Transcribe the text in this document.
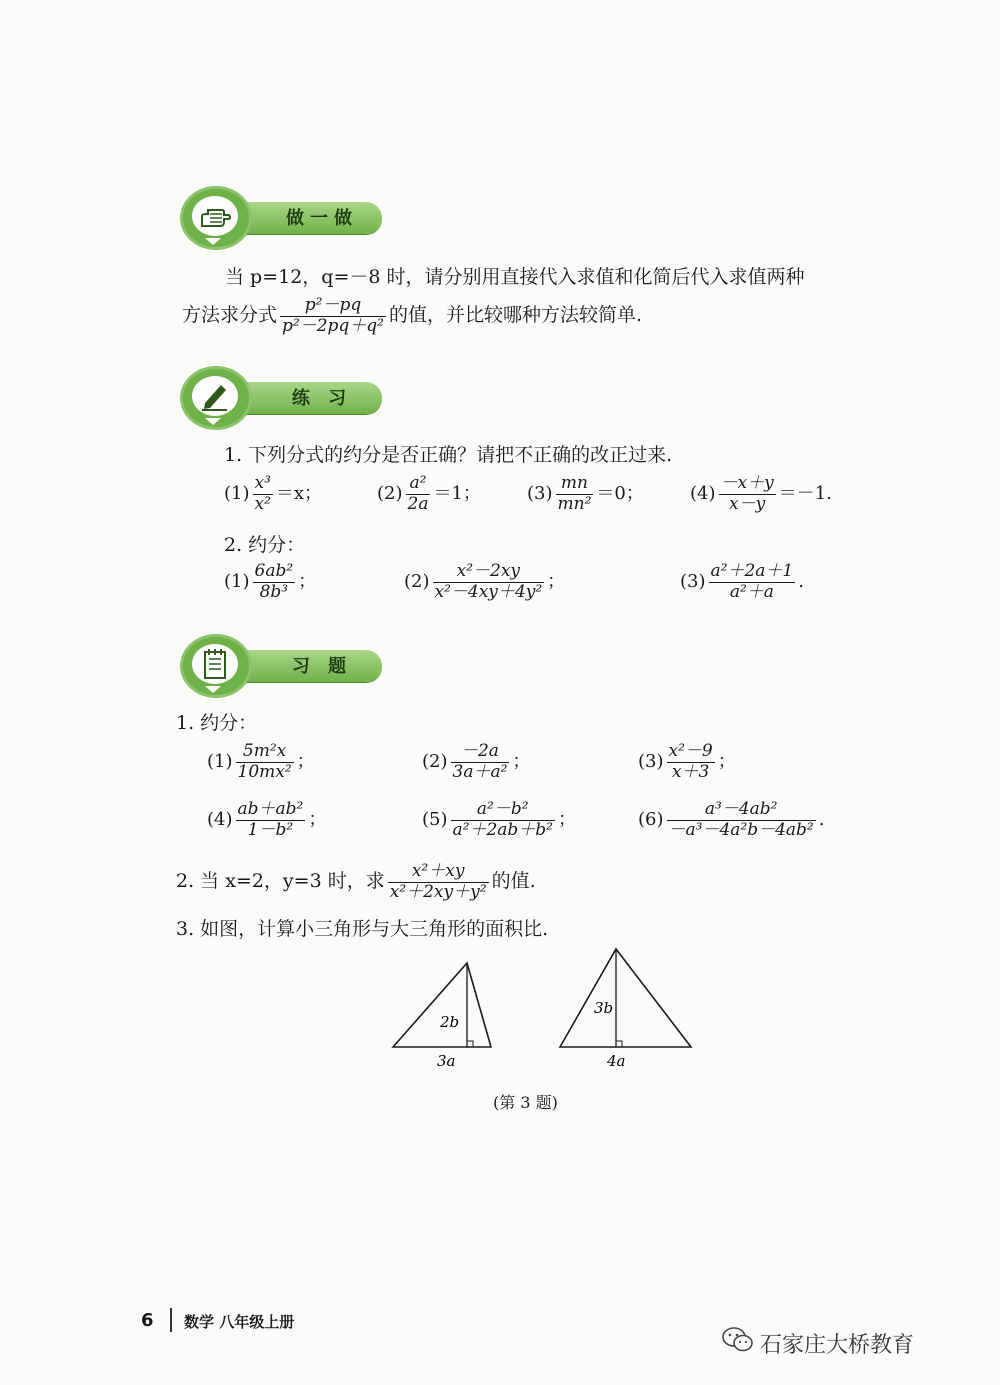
做一做
当 p=12，q=－8 时，请分别用直接代入求值和化简后代入求值两种
方法求分式 $\frac{\text{p²－pq}}{\text{p²－2pq＋q²}}$ 的值，并比较哪种方法较简单.
练 习
1. 下列分式的约分是否正确？请把不正确的改正过来.
$(1) \frac{\text{x³}}{\text{x²}} =x$；	$(2) \frac{\text{a²}}{2a} =1$；	$(3) \frac{mn}{\text{mn²}} =0$；	$(4) \frac{-x+y}{x-y} =-1$.
2. 约分：
$(1) \frac{\text{6ab²}}{\text{8b³}}$ ；	$(2) \frac{\text{x²－2xy}}{\text{x²－4xy＋4y²}}$ ；	$(3) \frac{\text{a²＋2a＋1}}{\text{a²＋a}}$ .
习 题
1. 约分：
$(1) \frac{\text{5m²x}}{\text{10mx²}}$ ；	$(2) \frac{-2a}{\text{3a＋a²}}$ ；	$(3) \frac{\text{x²－9}}{x+3}$ ；
$(4) \frac{\text{ab＋ab²}}{\text{1－b²}}$ ；	$(5) \frac{\text{a²－b²}}{\text{a²＋2ab＋b²}}$ ；	$(6) \frac{\text{a³－4ab²}}{\text{－a³－4a²b－4ab²}}$ .
2. 当 x=2，y=3 时，求 $\frac{\text{x²＋xy}}{\text{x²＋2xy＋y²}}$ 的值.
3. 如图，计算小三角形与大三角形的面积比.
2b
3a
3b
4a
(第 3 题)
6 数学 八年级上册
石家庄大桥教育
